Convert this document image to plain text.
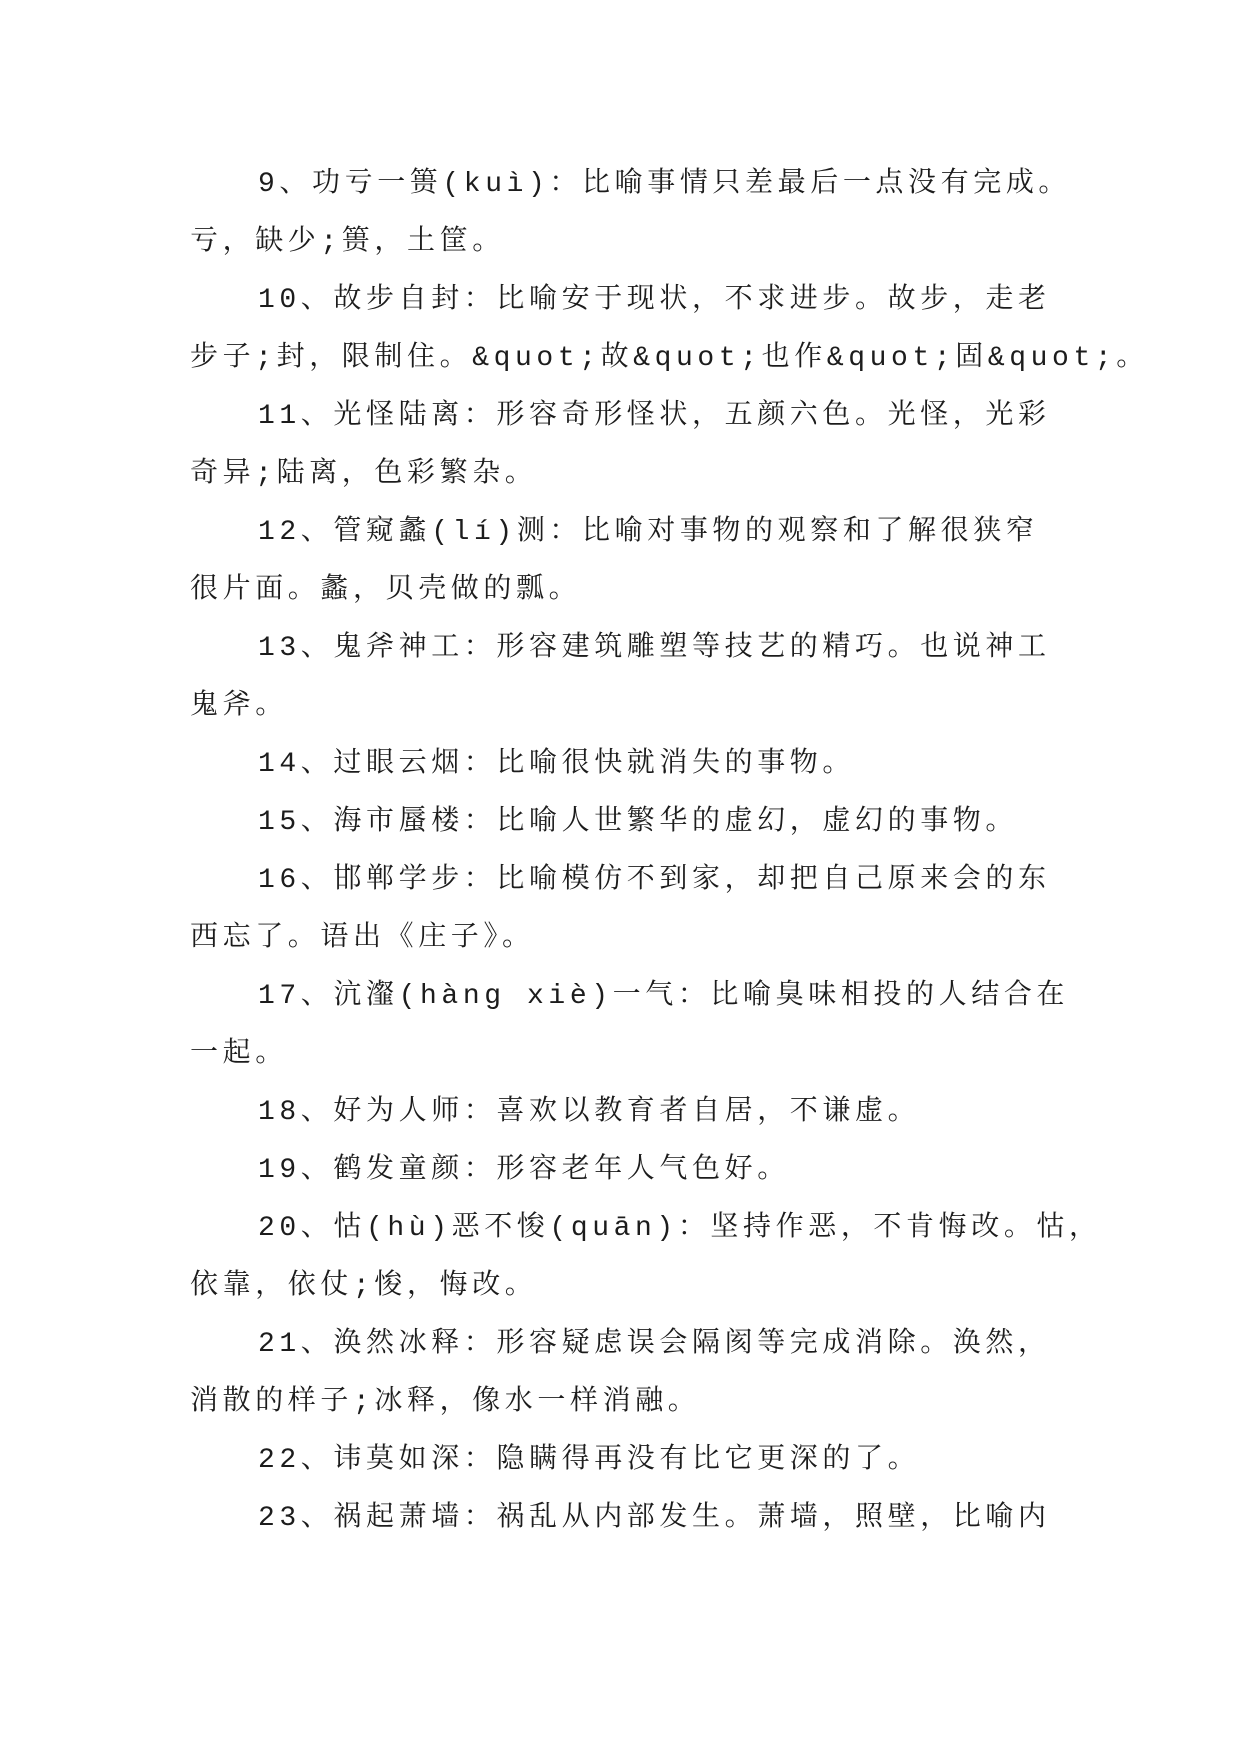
9、功亏一篑(kuì)：比喻事情只差最后一点没有完成。
亏，缺少;篑，土筐。
10、故步自封：比喻安于现状，不求进步。故步，走老
步子;封，限制住。&quot;故&quot;也作&quot;固&quot;。
11、光怪陆离：形容奇形怪状，五颜六色。光怪，光彩
奇异;陆离，色彩繁杂。
12、管窥蠡(lí)测：比喻对事物的观察和了解很狭窄
很片面。蠡，贝壳做的瓢。
13、鬼斧神工：形容建筑雕塑等技艺的精巧。也说神工
鬼斧。
14、过眼云烟：比喻很快就消失的事物。
15、海市蜃楼：比喻人世繁华的虚幻，虚幻的事物。
16、邯郸学步：比喻模仿不到家，却把自己原来会的东
西忘了。语出《庄子》。
17、沆瀣(hàng xiè)一气：比喻臭味相投的人结合在
一起。
18、好为人师：喜欢以教育者自居，不谦虚。
19、鹤发童颜：形容老年人气色好。
20、怙(hù)恶不悛(quān)：坚持作恶，不肯悔改。怙，
依靠，依仗;悛，悔改。
21、涣然冰释：形容疑虑误会隔阂等完成消除。涣然，
消散的样子;冰释，像水一样消融。
22、讳莫如深：隐瞒得再没有比它更深的了。
23、祸起萧墙：祸乱从内部发生。萧墙，照壁，比喻内
